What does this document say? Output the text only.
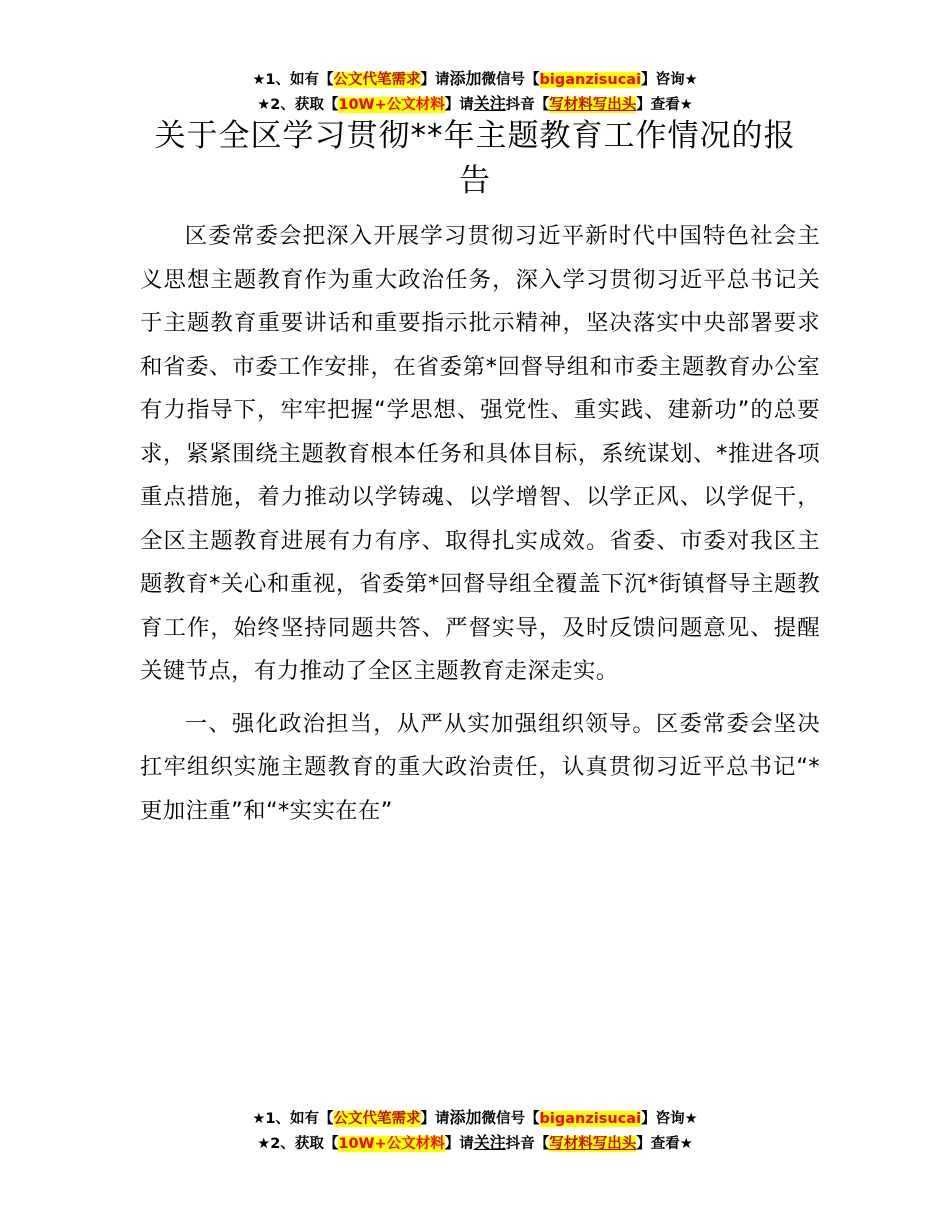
★1、如有【公文代笔需求】请添加微信号【biganzisucai】咨询★
★2、获取【10W+公文材料】请关注抖音【写材料写出头】查看★
关于全区学习贯彻**年主题教育工作情况的报告

区委常委会把深入开展学习贯彻习近平新时代中国特色社会主义思想主题教育作为重大政治任务，深入学习贯彻习近平总书记关于主题教育重要讲话和重要指示批示精神，坚决落实中央部署要求和省委、市委工作安排，在省委第*回督导组和市委主题教育办公室有力指导下，牢牢把握“学思想、强党性、重实践、建新功”的总要求，紧紧围绕主题教育根本任务和具体目标，系统谋划、*推进各项重点措施，着力推动以学铸魂、以学增智、以学正风、以学促干，全区主题教育进展有力有序、取得扎实成效。省委、市委对我区主题教育*关心和重视，省委第*回督导组全覆盖下沉*街镇督导主题教育工作，始终坚持同题共答、严督实导，及时反馈问题意见、提醒关键节点，有力推动了全区主题教育走深走实。

一、强化政治担当，从严从实加强组织领导。区委常委会坚决扛牢组织实施主题教育的重大政治责任，认真贯彻习近平总书记“*更加注重”和“*实实在在”

★1、如有【公文代笔需求】请添加微信号【biganzisucai】咨询★
★2、获取【10W+公文材料】请关注抖音【写材料写出头】查看★
